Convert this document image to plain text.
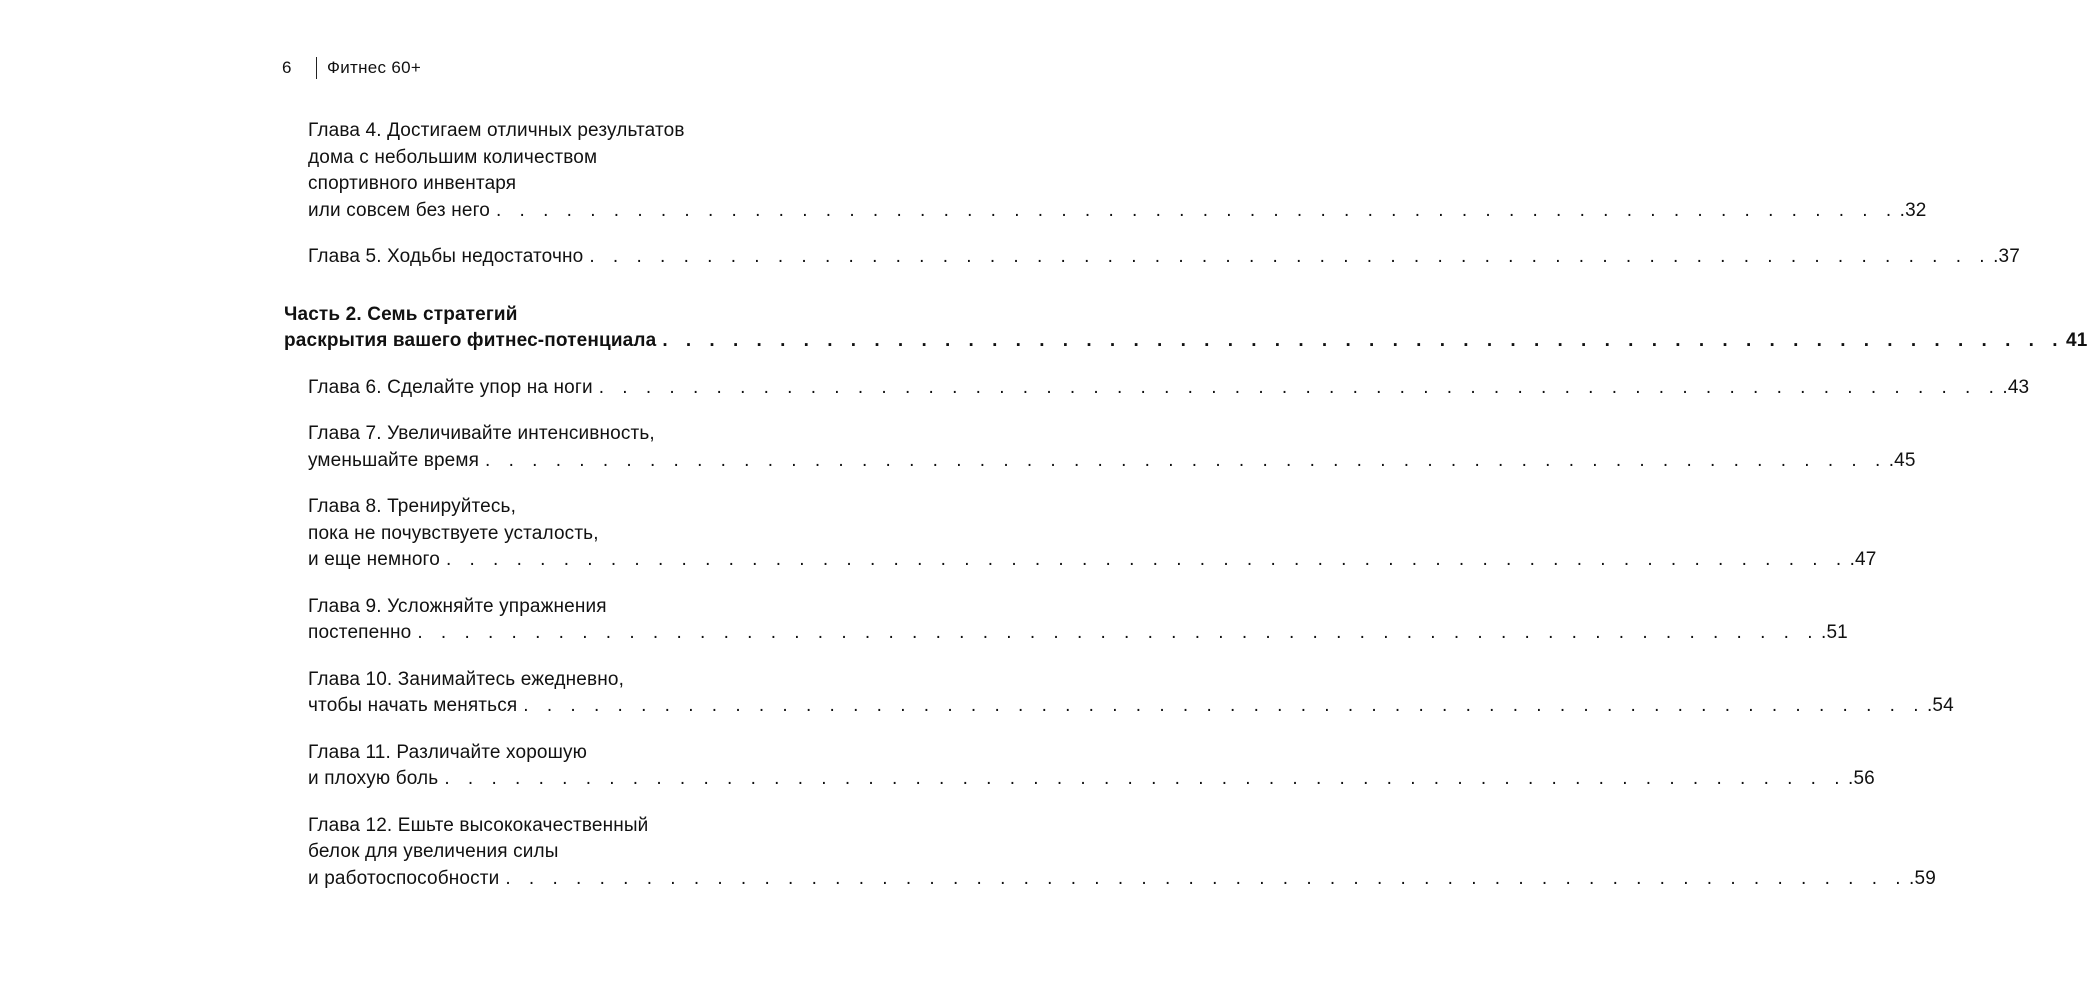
6	Фитнес 60+
Глава 4. Достигаем отличных результатов
дома с небольшим количеством
спортивного инвентаря
или совсем без него . . . . . . . . . . . . . . . . . . . . . . . . . . . . . . . . . . . . . . . . . . . . . . . . . . . . . . . . . . . . .32
Глава 5. Ходьбы недостаточно . . . . . . . . . . . . . . . . . . . . . . . . . . . . . . . . . . . . . . . . . . . . . . . . . . . . . . . . . . . . .37
Часть 2. Семь стратегий
раскрытия вашего фитнес-потенциала . . . . . . . . . . . . . . . . . . . . . . . . . . . . . . . . . . . . . . . . . . . . . . . . . . . . . . . . . . . . 41
Глава 6. Сделайте упор на ноги . . . . . . . . . . . . . . . . . . . . . . . . . . . . . . . . . . . . . . . . . . . . . . . . . . . . . . . . . . . . .43
Глава 7. Увеличивайте интенсивность,
уменьшайте время . . . . . . . . . . . . . . . . . . . . . . . . . . . . . . . . . . . . . . . . . . . . . . . . . . . . . . . . . . . . .45
Глава 8. Тренируйтесь,
пока не почувствуете усталость,
и еще немного . . . . . . . . . . . . . . . . . . . . . . . . . . . . . . . . . . . . . . . . . . . . . . . . . . . . . . . . . . . . .47
Глава 9. Усложняйте упражнения
постепенно . . . . . . . . . . . . . . . . . . . . . . . . . . . . . . . . . . . . . . . . . . . . . . . . . . . . . . . . . . . . .51
Глава 10. Занимайтесь ежедневно,
чтобы начать меняться . . . . . . . . . . . . . . . . . . . . . . . . . . . . . . . . . . . . . . . . . . . . . . . . . . . . . . . . . . . . .54
Глава 11. Различайте хорошую
и плохую боль . . . . . . . . . . . . . . . . . . . . . . . . . . . . . . . . . . . . . . . . . . . . . . . . . . . . . . . . . . . . .56
Глава 12. Ешьте высококачественный
белок для увеличения силы
и работоспособности . . . . . . . . . . . . . . . . . . . . . . . . . . . . . . . . . . . . . . . . . . . . . . . . . . . . . . . . . . . . .59
